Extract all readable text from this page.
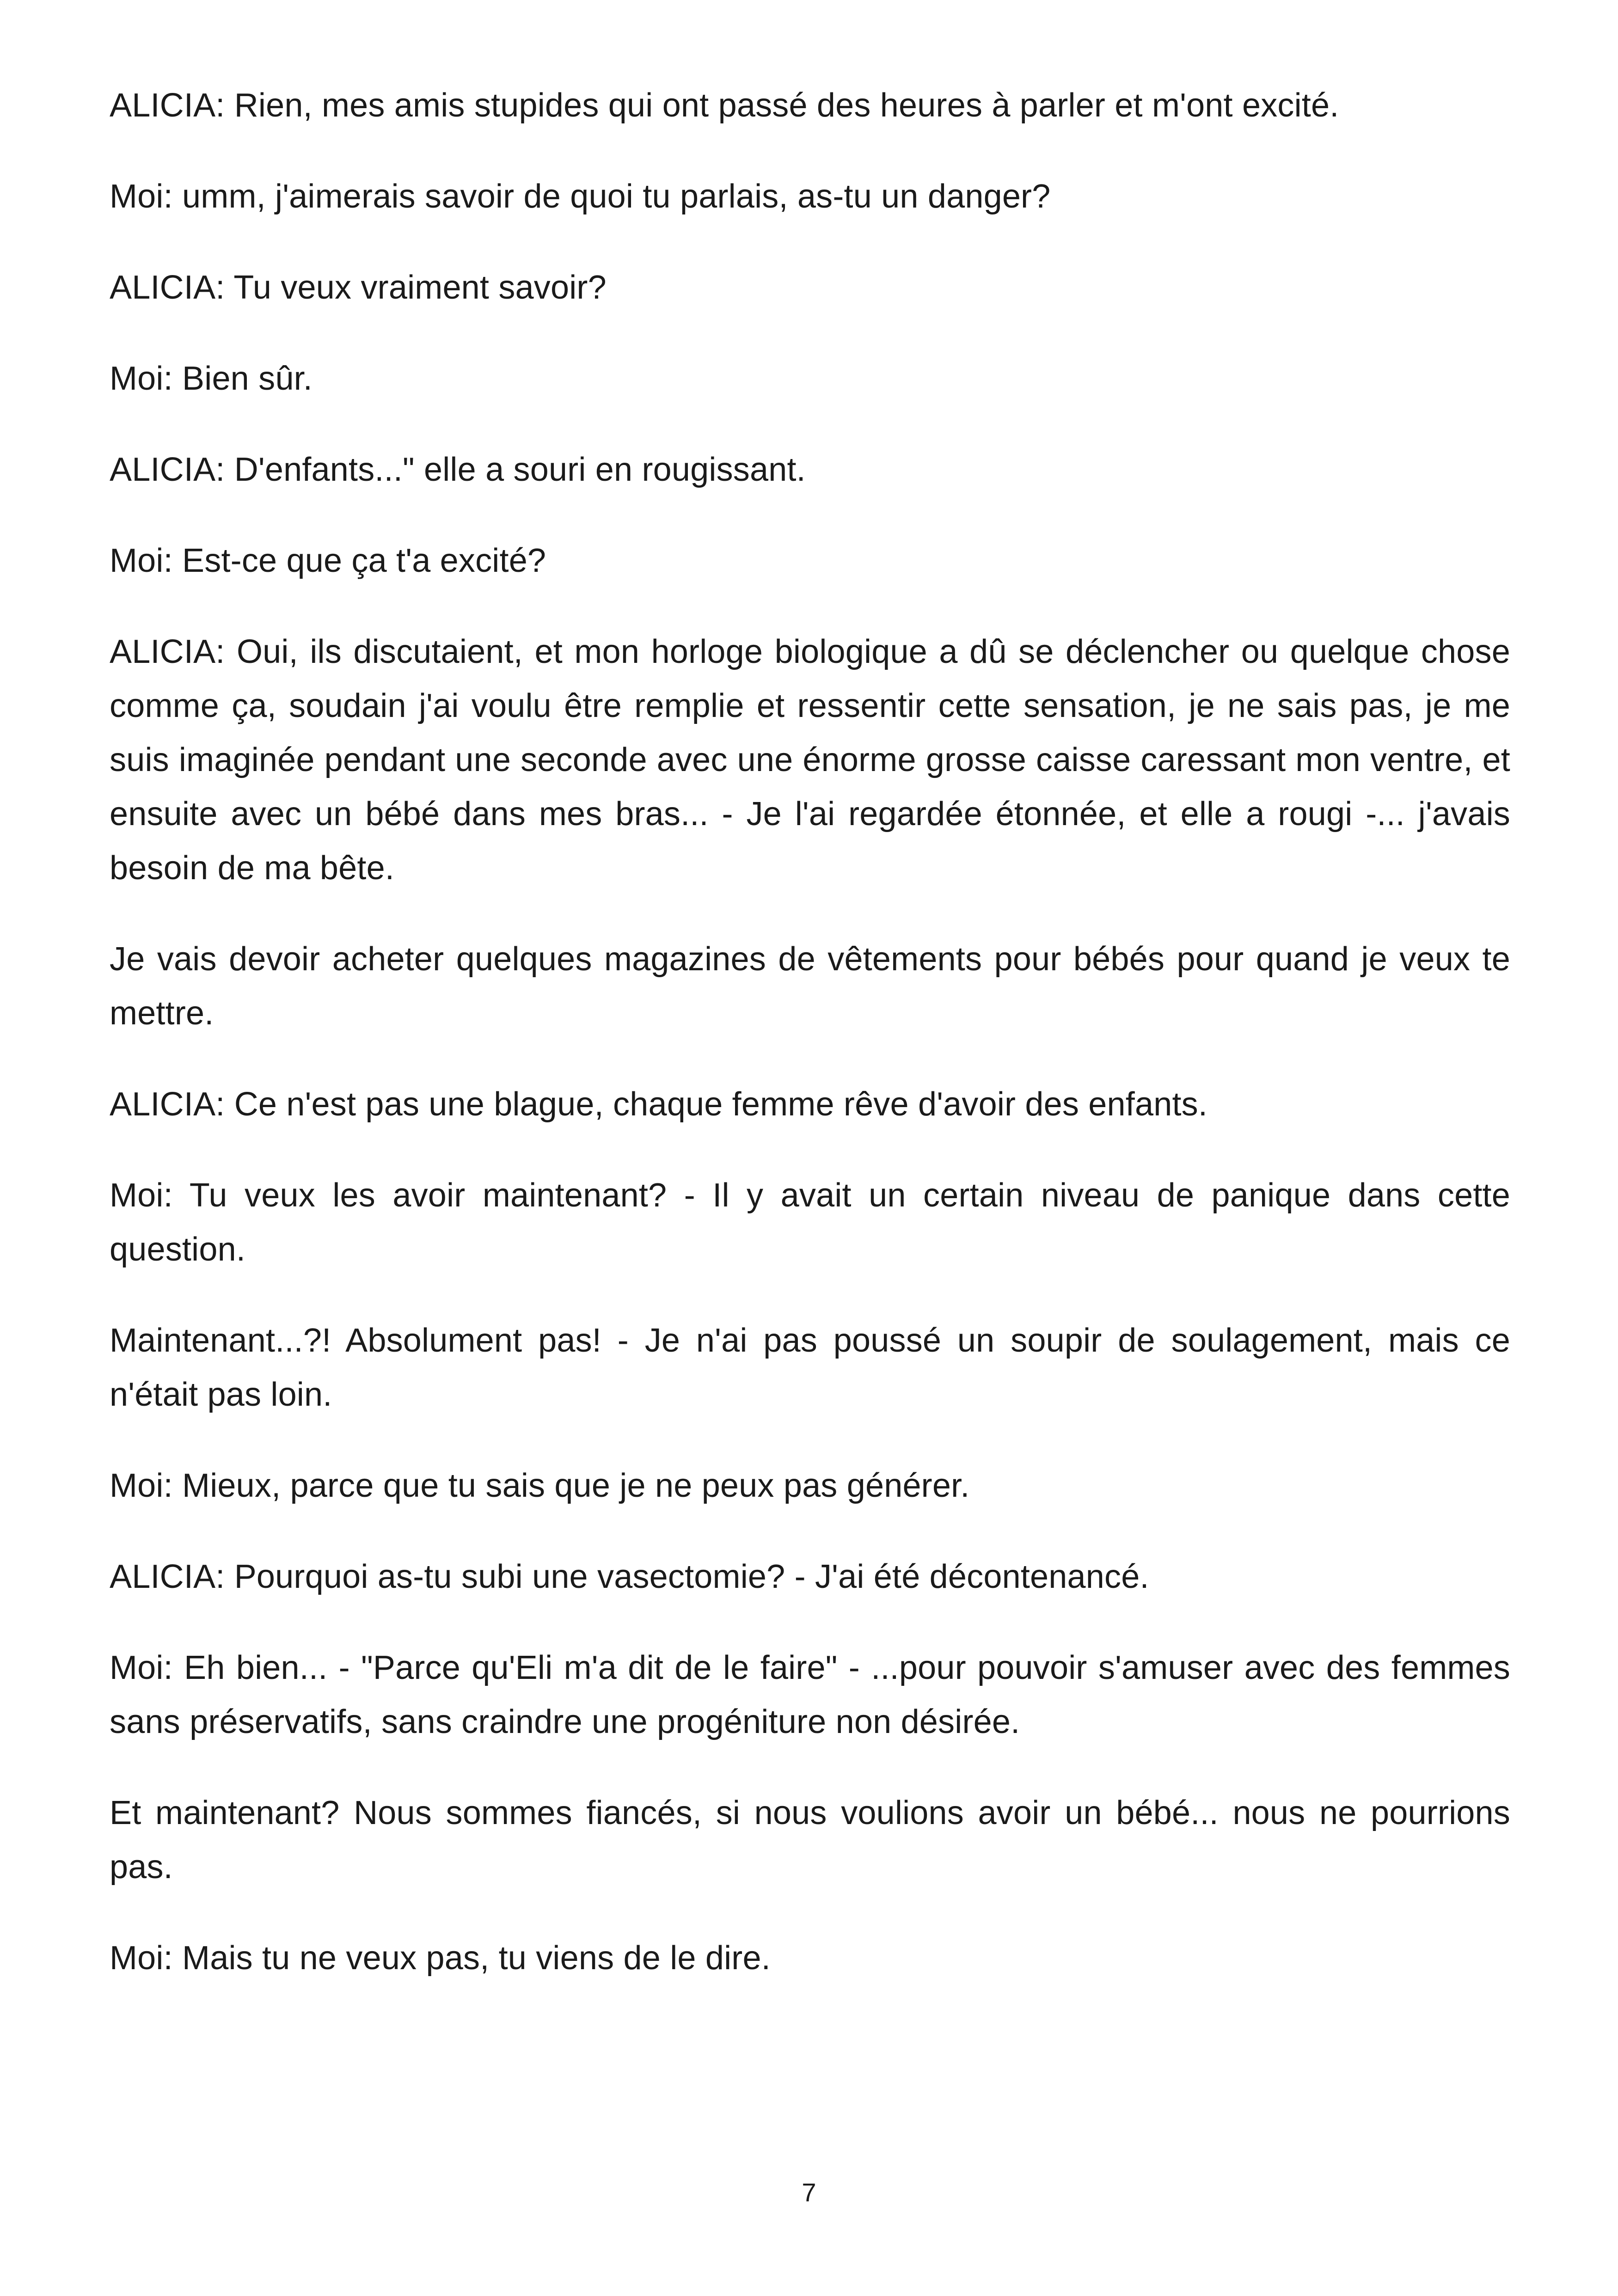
ALICIA: Rien, mes amis stupides qui ont passé des heures à parler et m'ont excité.

Moi: umm, j'aimerais savoir de quoi tu parlais, as-tu un danger?

ALICIA: Tu veux vraiment savoir?

Moi: Bien sûr.

ALICIA: D'enfants..." elle a souri en rougissant.

Moi: Est-ce que ça t'a excité?

ALICIA: Oui, ils discutaient, et mon horloge biologique a dû se déclencher ou quelque chose comme ça, soudain j'ai voulu être remplie et ressentir cette sensation, je ne sais pas, je me suis imaginée pendant une seconde avec une énorme grosse caisse caressant mon ventre, et ensuite avec un bébé dans mes bras... - Je l'ai regardée étonnée, et elle a rougi -... j'avais besoin de ma bête.

Je vais devoir acheter quelques magazines de vêtements pour bébés pour quand je veux te mettre.

ALICIA: Ce n'est pas une blague, chaque femme rêve d'avoir des enfants.

Moi: Tu veux les avoir maintenant? - Il y avait un certain niveau de panique dans cette question.

Maintenant...?! Absolument pas! - Je n'ai pas poussé un soupir de soulagement, mais ce n'était pas loin.

Moi: Mieux, parce que tu sais que je ne peux pas générer.

ALICIA: Pourquoi as-tu subi une vasectomie? - J'ai été décontenancé.

Moi: Eh bien... - "Parce qu'Eli m'a dit de le faire" - ...pour pouvoir s'amuser avec des femmes sans préservatifs, sans craindre une progéniture non désirée.

Et maintenant? Nous sommes fiancés, si nous voulions avoir un bébé... nous ne pourrions pas.

Moi: Mais tu ne veux pas, tu viens de le dire.

7
